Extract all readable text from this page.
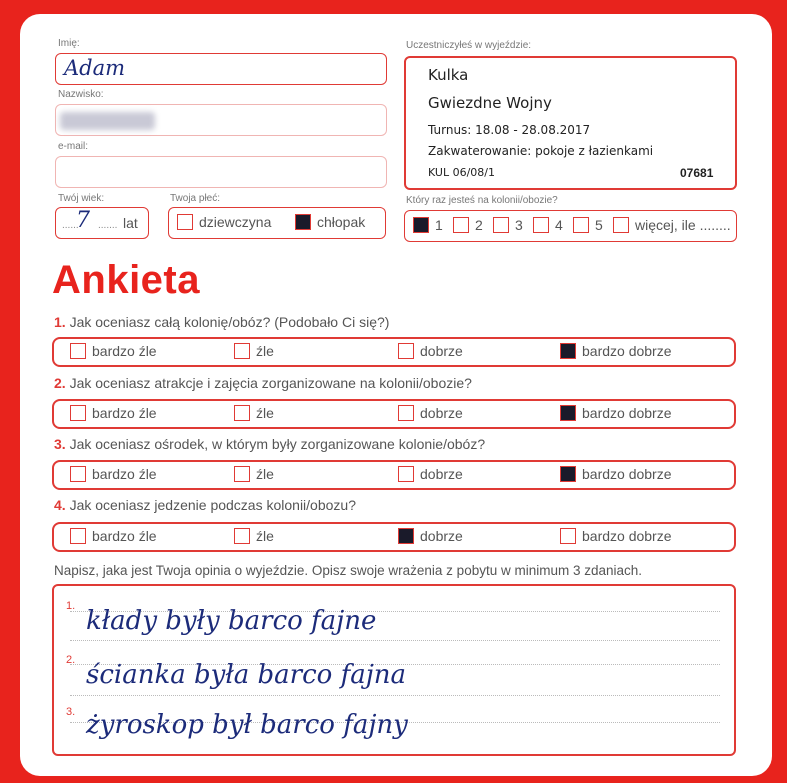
Imię:
Adam
Nazwisko:
e-mail:
Twój wiek:
......
7 ....... lat
Twoja płeć:
dziewczyna	chłopak
Uczestniczyłeś w wyjeździe:
Kulka
Gwiezdne Wojny
Turnus: 18.08 - 28.08.2017
Zakwaterowanie: pokoje z łazienkami
KUL 06/08/1	07681
Który raz jesteś na kolonii/obozie?
1 2 3 4 5 więcej, ile ........
Ankieta
1. Jak oceniasz całą kolonię/obóz? (Podobało Ci się?)
bardzo źle	źle	dobrze	bardzo dobrze
2. Jak oceniasz atrakcje i zajęcia zorganizowane na kolonii/obozie?
bardzo źle	źle	dobrze	bardzo dobrze
3. Jak oceniasz ośrodek, w którym były zorganizowane kolonie/obóz?
bardzo źle	źle	dobrze	bardzo dobrze
4. Jak oceniasz jedzenie podczas kolonii/obozu?
bardzo źle	źle	dobrze	bardzo dobrze
Napisz, jaka jest Twoja opinia o wyjeździe. Opisz swoje wrażenia z pobytu w minimum 3 zdaniach.
1.
2.
3.
kłady były barco fajne
ścianka była barco fajna
żyroskop był barco fajny
